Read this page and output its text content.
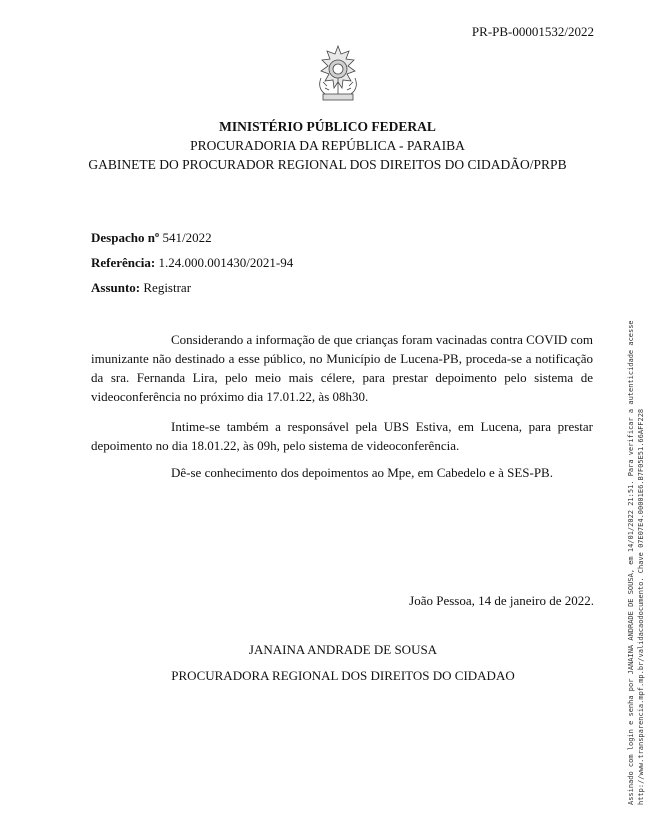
PR-PB-00001532/2022
MINISTÉRIO PÚBLICO FEDERAL
PROCURADORIA DA REPÚBLICA - PARAIBA
GABINETE DO PROCURADOR REGIONAL DOS DIREITOS DO CIDADÃO/PRPB
Despacho nº 541/2022
Referência: 1.24.000.001430/2021-94
Assunto: Registrar

Considerando a informação de que crianças foram vacinadas contra COVID com imunizante não destinado a esse público, no Município de Lucena-PB, proceda-se a notificação da sra. Fernanda Lira, pelo meio mais célere, para prestar depoimento pelo sistema de videoconferência no próximo dia 17.01.22, às 08h30.

Intime-se também a responsável pela UBS Estiva, em Lucena, para prestar depoimento no dia 18.01.22, às 09h, pelo sistema de videoconferência.

Dê-se conhecimento dos depoimentos ao Mpe, em Cabedelo e à SES-PB.

João Pessoa, 14 de janeiro de 2022.
JANAINA ANDRADE DE SOUSA
PROCURADORA REGIONAL DOS DIREITOS DO CIDADAO	Assinado com login e senha por JANAINA ANDRADE DE SOUSA, em 14/01/2022 21:51. Para verificar a autenticidade acesse http://www.transparencia.mpf.mp.br/validacaodocumento. Chave 07E07E4.00001E6.B7F05E51.66AFF228
